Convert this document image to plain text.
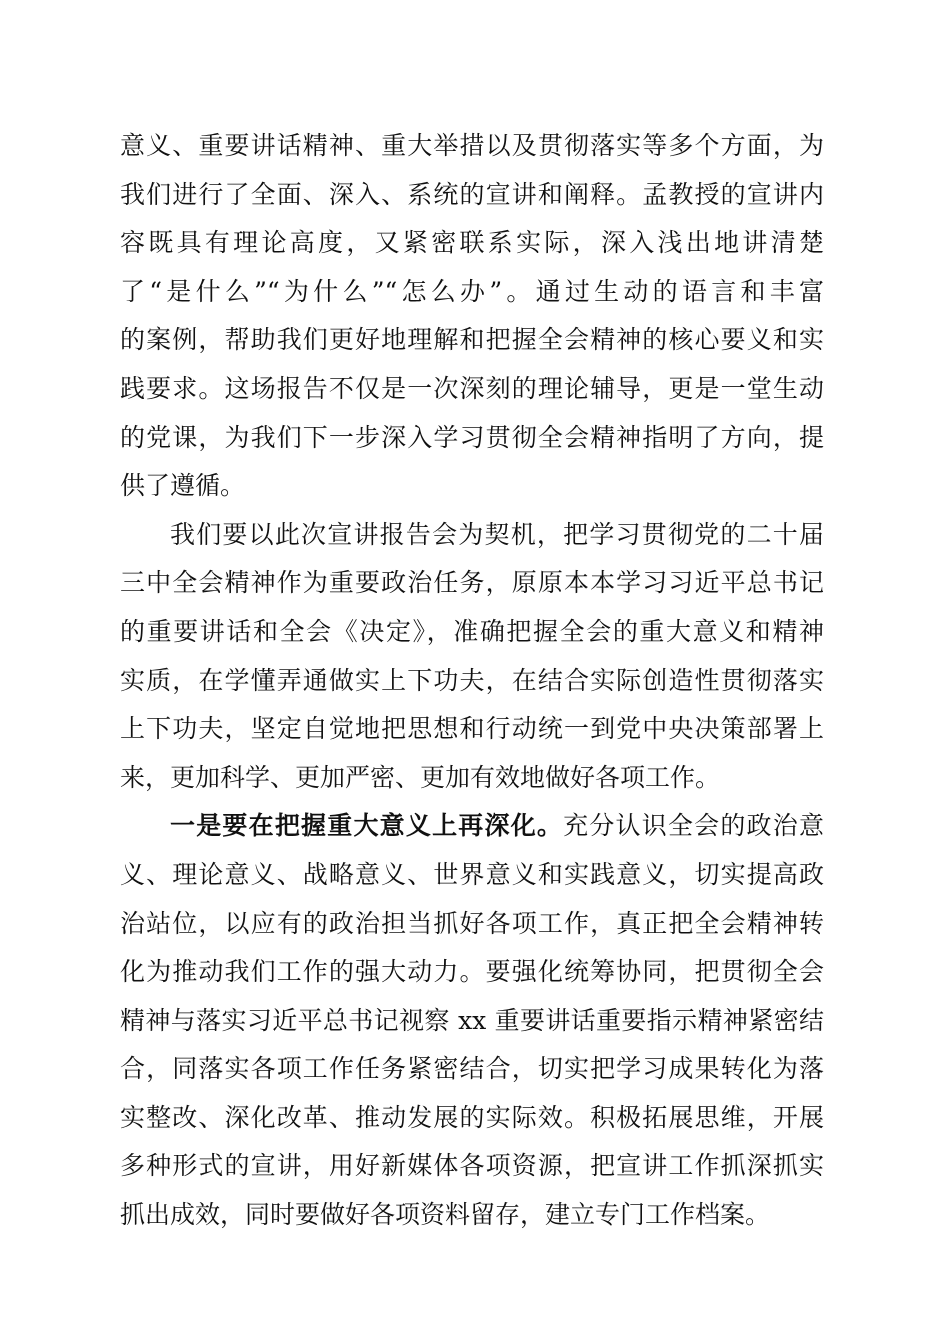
意义、重要讲话精神、重大举措以及贯彻落实等多个方面，为
我们进行了全面、深入、系统的宣讲和阐释。孟教授的宣讲内
容既具有理论高度，又紧密联系实际，深入浅出地讲清楚
了“是什么”“为什么”“怎么办”。通过生动的语言和丰富
的案例，帮助我们更好地理解和把握全会精神的核心要义和实
践要求。这场报告不仅是一次深刻的理论辅导，更是一堂生动
的党课，为我们下一步深入学习贯彻全会精神指明了方向，提
供了遵循。
我们要以此次宣讲报告会为契机，把学习贯彻党的二十届
三中全会精神作为重要政治任务，原原本本学习习近平总书记
的重要讲话和全会《决定》，准确把握全会的重大意义和精神
实质，在学懂弄通做实上下功夫，在结合实际创造性贯彻落实
上下功夫，坚定自觉地把思想和行动统一到党中央决策部署上
来，更加科学、更加严密、更加有效地做好各项工作。
一是要在把握重大意义上再深化。充分认识全会的政治意
义、理论意义、战略意义、世界意义和实践意义，切实提高政
治站位，以应有的政治担当抓好各项工作，真正把全会精神转
化为推动我们工作的强大动力。要强化统筹协同，把贯彻全会
精神与落实习近平总书记视察 xx 重要讲话重要指示精神紧密结
合，同落实各项工作任务紧密结合，切实把学习成果转化为落
实整改、深化改革、推动发展的实际效。积极拓展思维，开展
多种形式的宣讲，用好新媒体各项资源，把宣讲工作抓深抓实
抓出成效，同时要做好各项资料留存，建立专门工作档案。
